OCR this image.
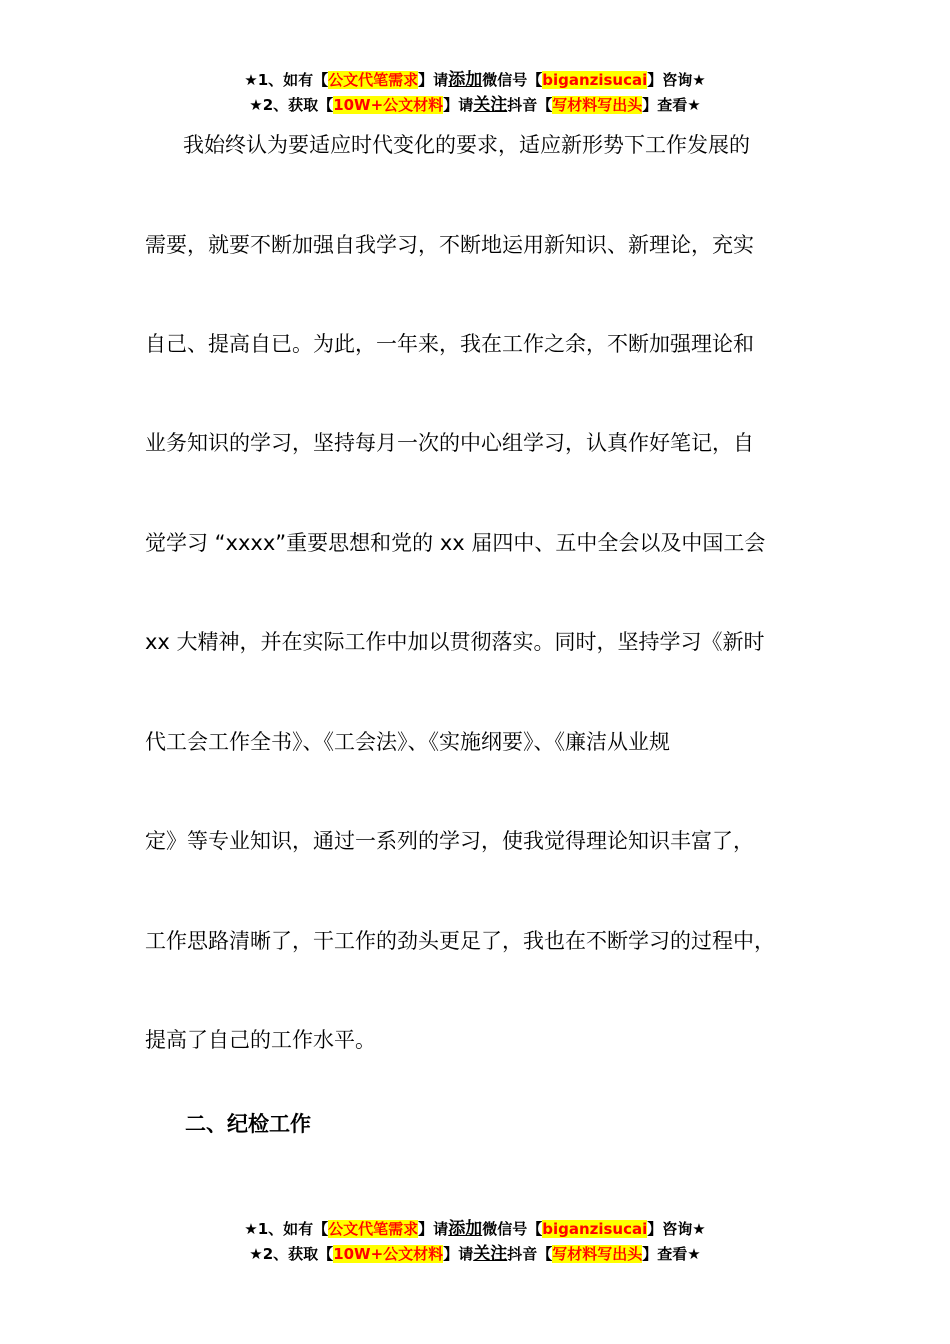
★1、如有【公文代笔需求】请添加微信号【biganzisucai】咨询★
★2、获取【10W+公文材料】请关注抖音【写材料写出头】查看★
我始终认为要适应时代变化的要求，适应新形势下工作发展的
需要，就要不断加强自我学习，不断地运用新知识、新理论，充实
自己、提高自已。为此，一年来，我在工作之余，不断加强理论和
业务知识的学习，坚持每月一次的中心组学习，认真作好笔记，自
觉学习 “xxxx”重要思想和党的 xx 届四中、五中全会以及中国工会
xx 大精神，并在实际工作中加以贯彻落实。同时，坚持学习《新时
代工会工作全书》、《工会法》、《实施纲要》、《廉洁从业规
定》等专业知识，通过一系列的学习，使我觉得理论知识丰富了，
工作思路清晰了，干工作的劲头更足了，我也在不断学习的过程中，
提高了自己的工作水平。
二、纪检工作
★1、如有【公文代笔需求】请添加微信号【biganzisucai】咨询★
★2、获取【10W+公文材料】请关注抖音【写材料写出头】查看★
